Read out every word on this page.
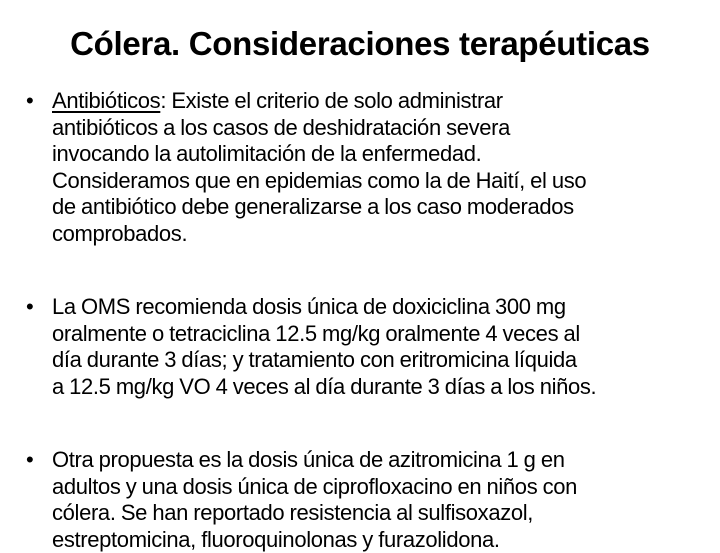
Cólera. Consideraciones terapéuticas
• Antibióticos: Existe el criterio de solo administrar
antibióticos a los casos de deshidratación severa
invocando la autolimitación de la enfermedad.
Consideramos que en epidemias como la de Haití, el uso
de antibiótico debe generalizarse a los caso moderados
comprobados.
• La OMS recomienda dosis única de doxiciclina 300 mg
oralmente o tetraciclina 12.5 mg/kg oralmente 4 veces al
día durante 3 días; y tratamiento con eritromicina líquida
a 12.5 mg/kg VO 4 veces al día durante 3 días a los niños.
• Otra propuesta es la dosis única de azitromicina 1 g en
adultos y una dosis única de ciprofloxacino en niños con
cólera. Se han reportado resistencia al sulfisoxazol,
estreptomicina, fluoroquinolonas y furazolidona.
